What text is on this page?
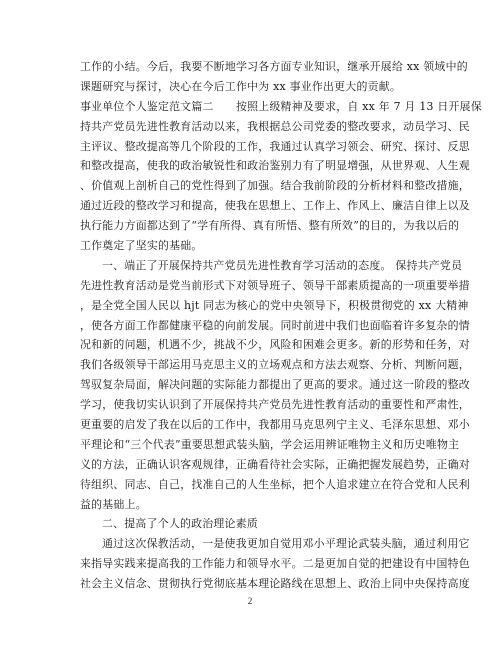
工作的小结。今后，我要不断地学习各方面专业知识，继承开展给 xx 领域中的
课题研究与探讨，决心在今后工作中为 xx 事业作出更大的贡献。
事业单位个人鉴定范文篇二　　按照上级精神及要求，自 xx 年 7 月 13 日开展保
持共产党员先进性教育活动以来，我根据总公司党委的整改要求，动员学习、民
主评议、整改提高等几个阶段的工作，我通过认真学习领会、研究、探讨、反思
和整改提高，使我的政治敏锐性和政治鉴别力有了明显增强，从世界观、人生观
、价值观上剖析自己的党性得到了加强。结合我前阶段的分析材料和整改措施，
通过近段的整改学习和提高，使我在思想上、工作上、作风上、廉洁自律上以及
执行能力方面都达到了“学有所得、真有所悟、整有所效”的目的，为我以后的
工作奠定了坚实的基础。
一、端正了开展保持共产党员先进性教育学习活动的态度。 保持共产党员
先进性教育活动是党当前形式下对领导班子、领导干部素质提高的一项重要举措
，是全党全国人民以 hjt 同志为核心的党中央领导下，积极贯彻党的 xx 大精神
，使各方面工作都健康平稳的向前发展。同时前进中我们也面临着许多复杂的情
况和新的问题，机遇不少，挑战不少，风险和困难会更多。新的形势和任务，对
我们各级领导干部运用马克思主义的立场观点和方法去观察、分析、判断问题，
驾驭复杂局面，解决问题的实际能力都提出了更高的要求。通过这一阶段的整改
学习，使我切实认识到了开展保持共产党员先进性教育活动的重要性和严肃性，
更重要的启发了我在以后的工作中，我都用马克思列宁主义、毛泽东思想、邓小
平理论和“三个代表”重要思想武装头脑，学会运用辨证唯物主义和历史唯物主
义的方法，正确认识客观规律，正确看待社会实际，正确把握发展趋势，正确对
待组织、同志、自己，找准自己的人生坐标，把个人追求建立在符合党和人民利
益的基础上。
二、提高了个人的政治理论素质
通过这次保教活动，一是使我更加自觉用邓小平理论武装头脑，通过利用它
来指导实践来提高我的工作能力和领导水平。二是更加自觉的把建设有中国特色
社会主义信念、贯彻执行党彻底基本理论路线在思想上、政治上同中央保持高度
2
